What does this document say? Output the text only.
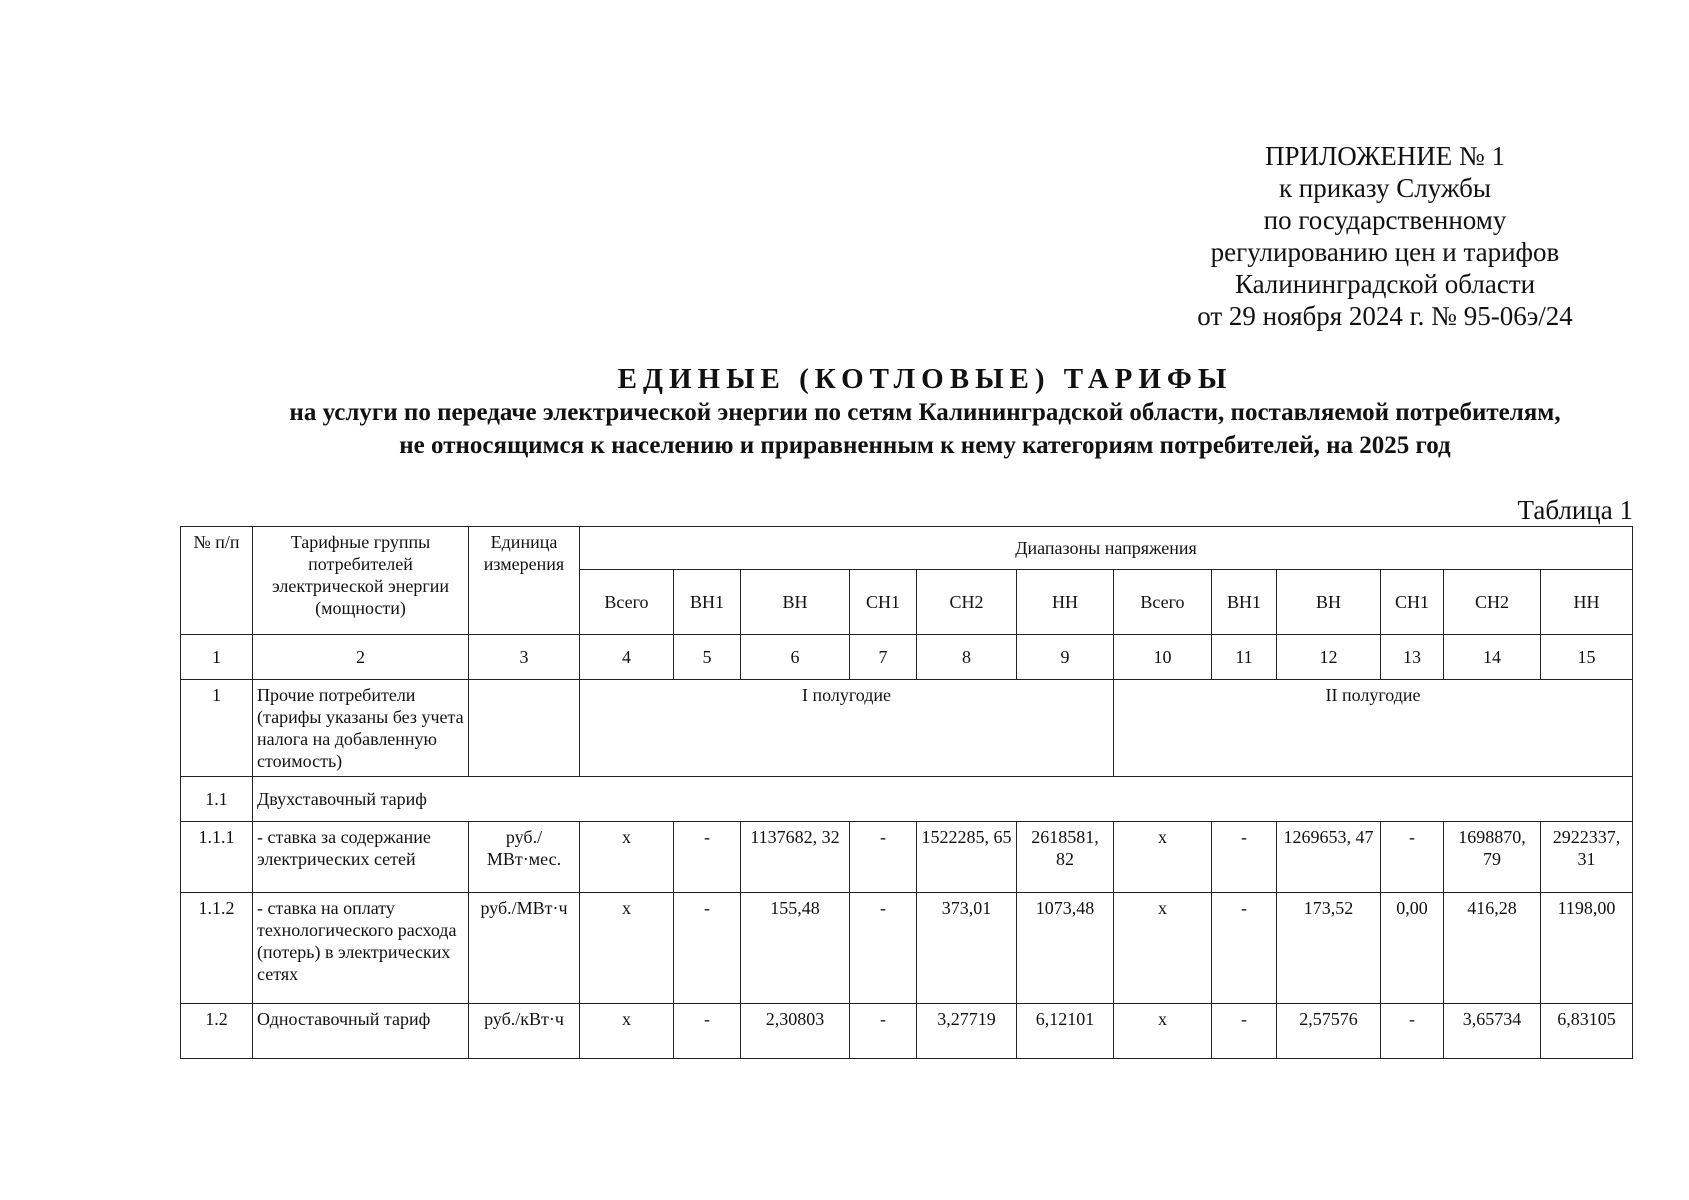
ПРИЛОЖЕНИЕ № 1
к приказу Службы
по государственному
регулированию цен и тарифов
Калининградской области
от 29 ноября 2024 г. № 95-06э/24
ЕДИНЫЕ (КОТЛОВЫЕ) ТАРИФЫ
на услуги по передаче электрической энергии по сетям Калининградской области, поставляемой потребителям,
не относящимся к населению и приравненным к нему категориям потребителей, на 2025 год
Таблица 1
№ п/п	Тарифные группы потребителей электрической энергии (мощности)	Единица измерения	Диапазоны напряжения											
			Всего	ВН1	ВН	СН1	СН2	НН	Всего	ВН1	ВН	СН1	СН2	НН
1	2	3	4	5	6	7	8	9	10	11	12	13	14	15
1	Прочие потребители (тарифы указаны без учета налога на добавленную стоимость)		I полугодие						II полугодие					
1.1	Двухставочный тариф													
1.1.1	- ставка за содержание электрических сетей	руб./ МВт·мес.	х	-	1137682, 32	-	1522285, 65	2618581, 82	х	-	1269653, 47	-	1698870, 79	2922337, 31
1.1.2	- ставка на оплату технологического расхода (потерь) в электрических сетях	руб./МВт·ч	х	-	155,48	-	373,01	1073,48	х	-	173,52	0,00	416,28	1198,00
1.2	Одноставочный тариф	руб./кВт·ч	х	-	2,30803	-	3,27719	6,12101	х	-	2,57576	-	3,65734	6,83105
